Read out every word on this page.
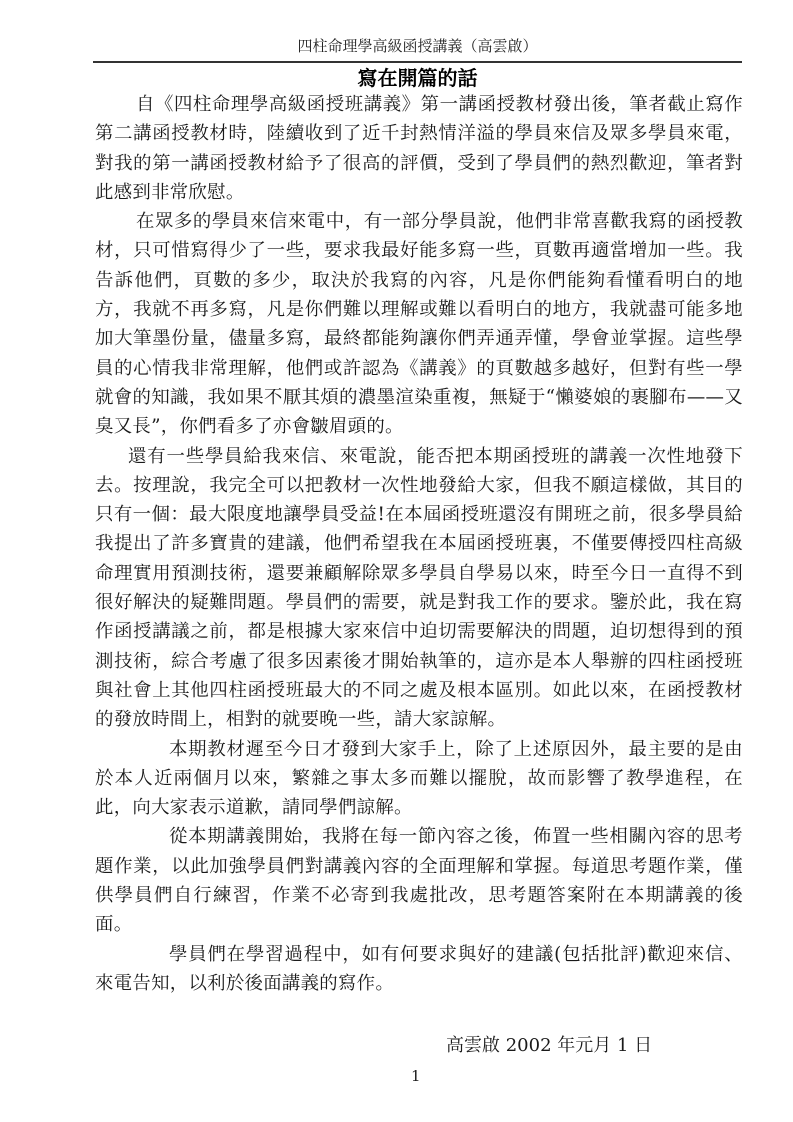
四柱命理學高級函授講義（高雲啟）
寫在開篇的話

自《四柱命理學高級函授班講義》第一講函授教材發出後，筆者截止寫作第二講函授教材時，陸續收到了近千封熱情洋溢的學員來信及眾多學員來電，對我的第一講函授教材給予了很高的評價，受到了學員們的熱烈歡迎，筆者對此感到非常欣慰。

在眾多的學員來信來電中，有一部分學員說，他們非常喜歡我寫的函授教材，只可惜寫得少了一些，要求我最好能多寫一些，頁數再適當增加一些。我告訴他們，頁數的多少，取決於我寫的內容，凡是你們能夠看懂看明白的地方，我就不再多寫，凡是你們難以理解或難以看明白的地方，我就盡可能多地加大筆墨份量，儘量多寫，最終都能夠讓你們弄通弄懂，學會並掌握。這些學員的心情我非常理解，他們或許認為《講義》的頁數越多越好，但對有些一學就會的知識，我如果不厭其煩的濃墨渲染重複，無疑于“懶婆娘的裹腳布——又臭又長”，你們看多了亦會皺眉頭的。

還有一些學員給我來信、來電說，能否把本期函授班的講義一次性地發下去。按理說，我完全可以把教材一次性地發給大家，但我不願這樣做，其目的只有一個：最大限度地讓學員受益!在本屆函授班還沒有開班之前，很多學員給我提出了許多寶貴的建議，他們希望我在本屆函授班裏，不僅要傳授四柱高級命理實用預測技術，還要兼顧解除眾多學員自學易以來，時至今日一直得不到很好解決的疑難問題。學員們的需要，就是對我工作的要求。鑒於此，我在寫作函授講議之前，都是根據大家來信中迫切需要解決的問題，迫切想得到的預測技術，綜合考慮了很多因素後才開始執筆的，這亦是本人舉辦的四柱函授班與社會上其他四柱函授班最大的不同之處及根本區別。如此以來，在函授教材的發放時間上，相對的就要晚一些，請大家諒解。

本期教材遲至今日才發到大家手上，除了上述原因外，最主要的是由於本人近兩個月以來，繁雜之事太多而難以擺脫，故而影響了教學進程，在此，向大家表示道歉，請同學們諒解。

從本期講義開始，我將在每一節內容之後，佈置一些相關內容的思考題作業，以此加強學員們對講義內容的全面理解和掌握。每道思考題作業，僅供學員們自行練習，作業不必寄到我處批改，思考題答案附在本期講義的後面。

學員們在學習過程中，如有何要求與好的建議(包括批評)歡迎來信、來電告知，以利於後面講義的寫作。

高雲啟 2002 年元月 1 日
1
